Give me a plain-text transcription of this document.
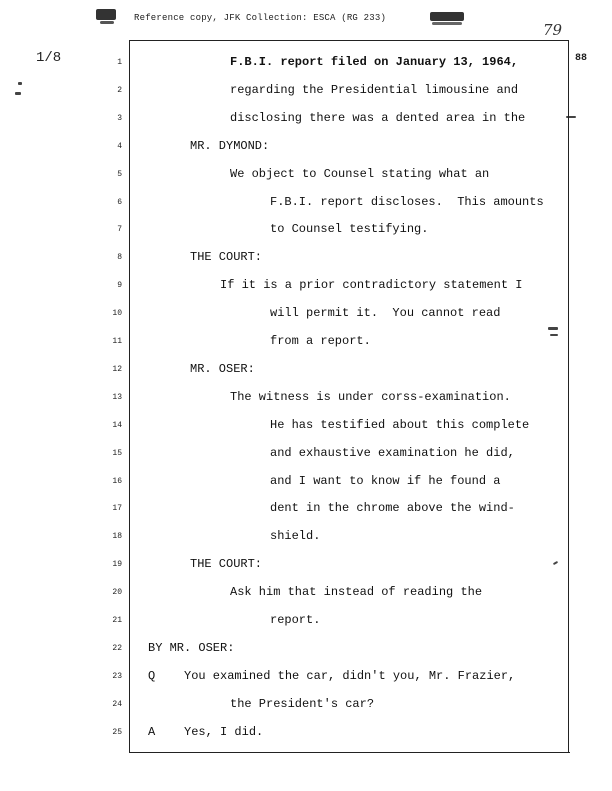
Reference copy, JFK Collection: ESCA (RG 233)
79
1/8	88
1	F.B.I. report filed on January 13, 1964,
2	regarding the Presidential limousine and
3	disclosing there was a dented area in the
4	MR. DYMOND:
5	We object to Counsel stating what an
6	F.B.I. report discloses.  This amounts
7	to Counsel testifying.
8	THE COURT:
9	If it is a prior contradictory statement I
10	will permit it.  You cannot read
11	from a report.
12	MR. OSER:
13	The witness is under corss-examination.
14	He has testified about this complete
15	and exhaustive examination he did,
16	and I want to know if he found a
17	dent in the chrome above the wind-
18	shield.
19	THE COURT:
20	Ask him that instead of reading the
21	report.
22 BY MR. OSER:
23 Q    You examined the car, didn't you, Mr. Frazier,
24	the President's car?
25 A    Yes, I did.
